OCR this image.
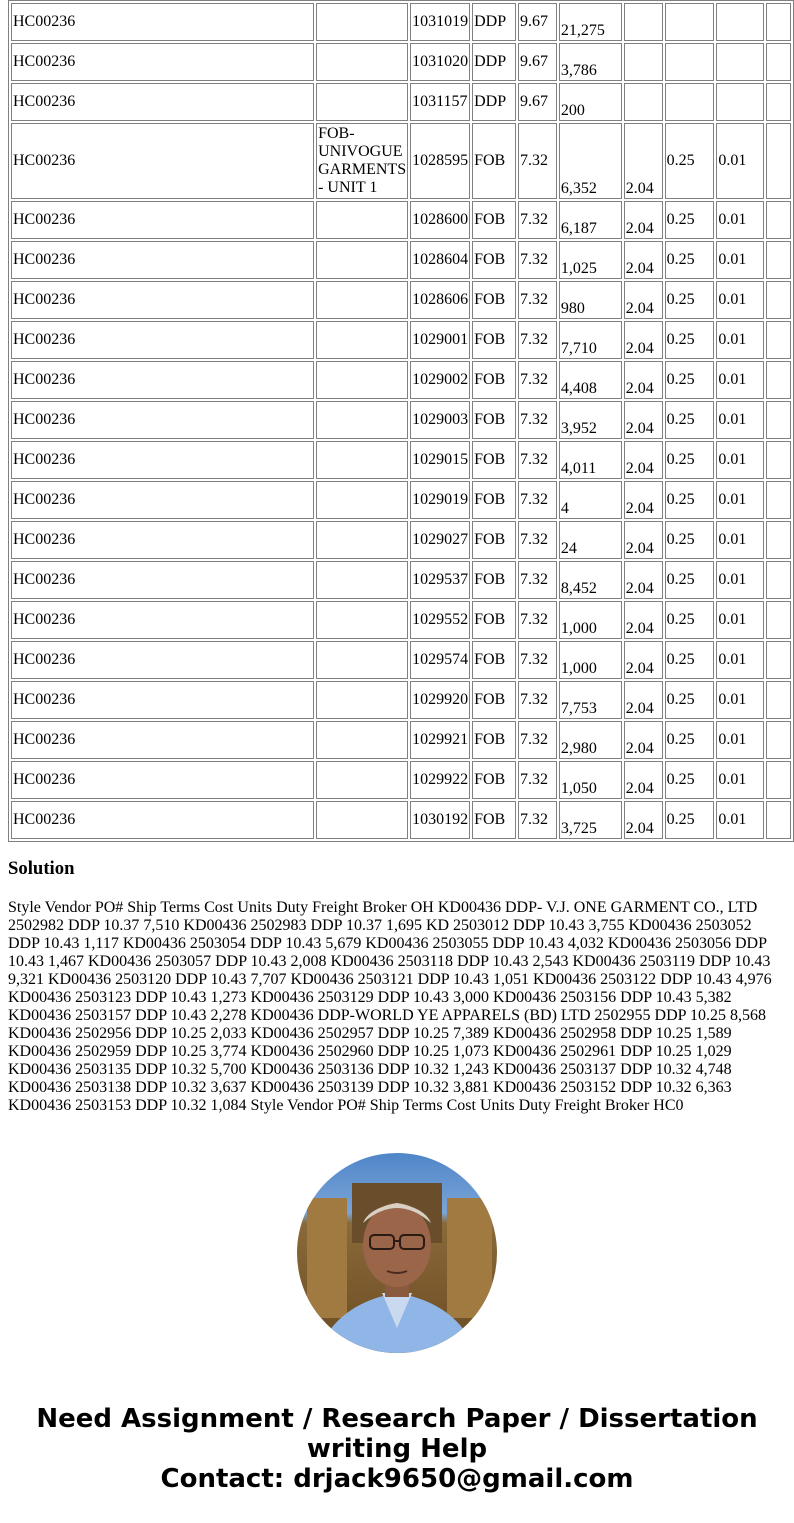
HC00236		1031019	DDP	9.67	21,275				
HC00236		1031020	DDP	9.67	3,786				
HC00236		1031157	DDP	9.67	200				
HC00236	FOB-UNIVOGUE GARMENTS - UNIT 1	1028595	FOB	7.32	6,352	2.04	0.25	0.01	
HC00236		1028600	FOB	7.32	6,187	2.04	0.25	0.01	
HC00236		1028604	FOB	7.32	1,025	2.04	0.25	0.01	
HC00236		1028606	FOB	7.32	980	2.04	0.25	0.01	
HC00236		1029001	FOB	7.32	7,710	2.04	0.25	0.01	
HC00236		1029002	FOB	7.32	4,408	2.04	0.25	0.01	
HC00236		1029003	FOB	7.32	3,952	2.04	0.25	0.01	
HC00236		1029015	FOB	7.32	4,011	2.04	0.25	0.01	
HC00236		1029019	FOB	7.32	4	2.04	0.25	0.01	
HC00236		1029027	FOB	7.32	24	2.04	0.25	0.01	
HC00236		1029537	FOB	7.32	8,452	2.04	0.25	0.01	
HC00236		1029552	FOB	7.32	1,000	2.04	0.25	0.01	
HC00236		1029574	FOB	7.32	1,000	2.04	0.25	0.01	
HC00236		1029920	FOB	7.32	7,753	2.04	0.25	0.01	
HC00236		1029921	FOB	7.32	2,980	2.04	0.25	0.01	
HC00236		1029922	FOB	7.32	1,050	2.04	0.25	0.01	
HC00236		1030192	FOB	7.32	3,725	2.04	0.25	0.01	
Solution

Style Vendor PO# Ship Terms Cost Units Duty Freight Broker OH KD00436 DDP- V.J. ONE GARMENT CO., LTD 2502982 DDP 10.37 7,510 KD00436 2502983 DDP 10.37 1,695 KD 2503012 DDP 10.43 3,755 KD00436 2503052 DDP 10.43 1,117 KD00436 2503054 DDP 10.43 5,679 KD00436 2503055 DDP 10.43 4,032 KD00436 2503056 DDP 10.43 1,467 KD00436 2503057 DDP 10.43 2,008 KD00436 2503118 DDP 10.43 2,543 KD00436 2503119 DDP 10.43 9,321 KD00436 2503120 DDP 10.43 7,707 KD00436 2503121 DDP 10.43 1,051 KD00436 2503122 DDP 10.43 4,976 KD00436 2503123 DDP 10.43 1,273 KD00436 2503129 DDP 10.43 3,000 KD00436 2503156 DDP 10.43 5,382 KD00436 2503157 DDP 10.43 2,278 KD00436 DDP-WORLD YE APPARELS (BD) LTD 2502955 DDP 10.25 8,568 KD00436 2502956 DDP 10.25 2,033 KD00436 2502957 DDP 10.25 7,389 KD00436 2502958 DDP 10.25 1,589 KD00436 2502959 DDP 10.25 3,774 KD00436 2502960 DDP 10.25 1,073 KD00436 2502961 DDP 10.25 1,029 KD00436 2503135 DDP 10.32 5,700 KD00436 2503136 DDP 10.32 1,243 KD00436 2503137 DDP 10.32 4,748 KD00436 2503138 DDP 10.32 3,637 KD00436 2503139 DDP 10.32 3,881 KD00436 2503152 DDP 10.32 6,363 KD00436 2503153 DDP 10.32 1,084 Style Vendor PO# Ship Terms Cost Units Duty Freight Broker HC0

Need Assignment / Research Paper / Dissertation
writing Help
Contact: drjack9650@gmail.com
